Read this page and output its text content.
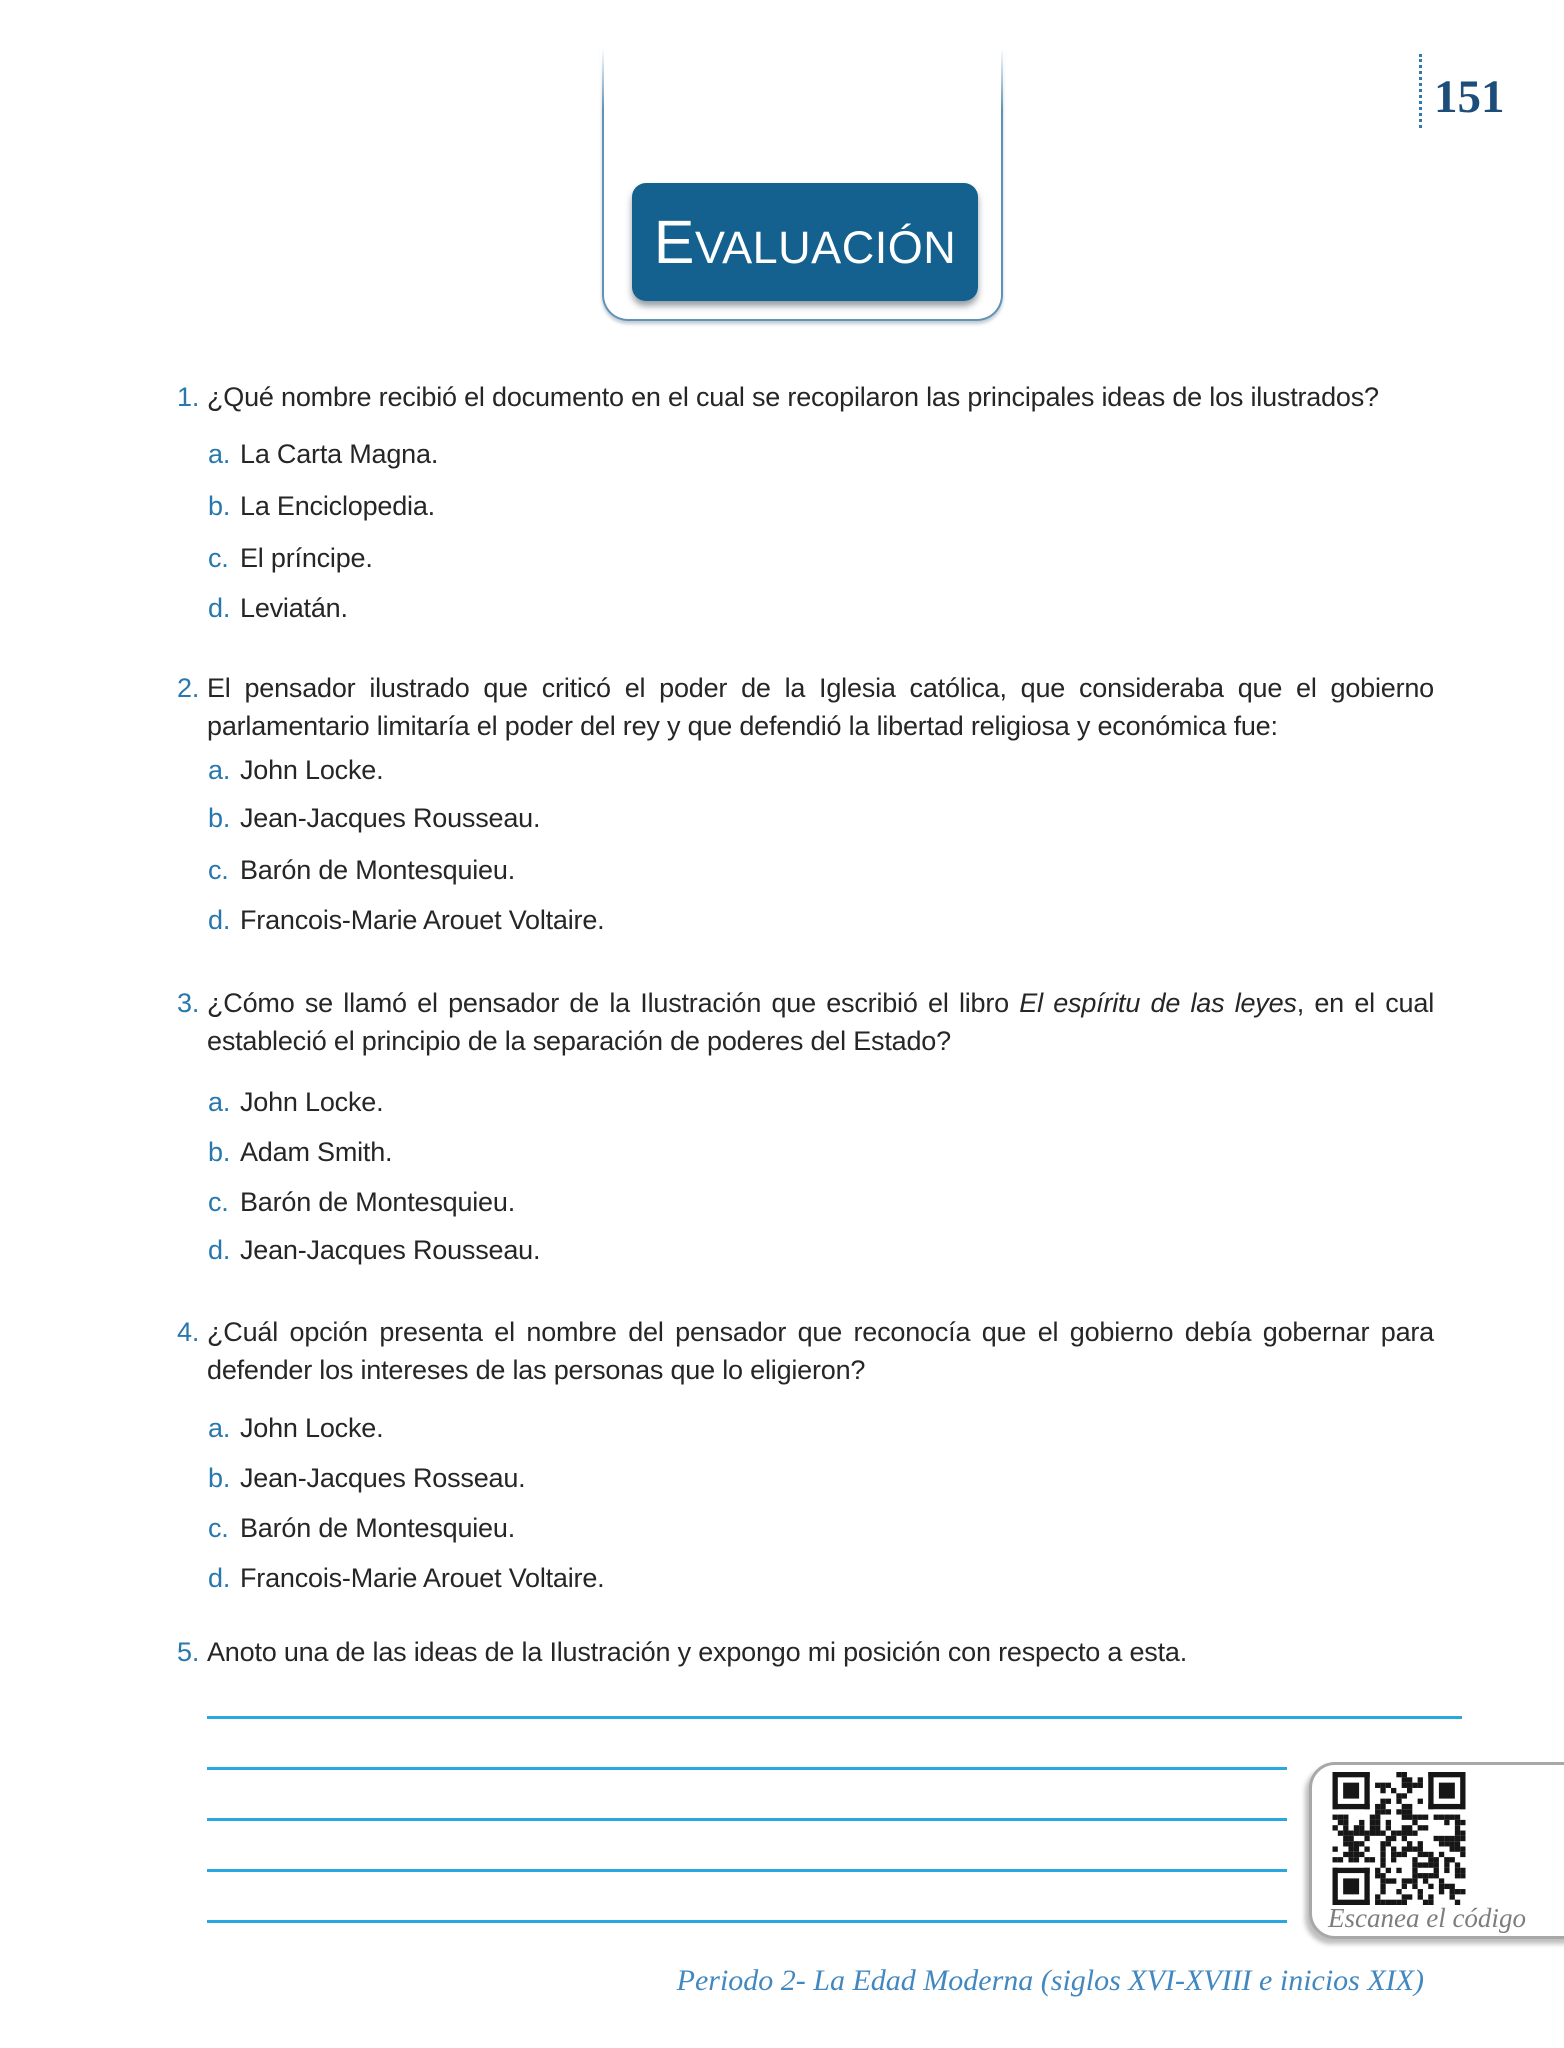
151
EVALUACIÓN
1. ¿Qué nombre recibió el documento en el cual se recopilaron las principales ideas de los ilustrados?
a. La Carta Magna.
b. La Enciclopedia.
c. El príncipe.
d. Leviatán.
2. El pensador ilustrado que criticó el poder de la Iglesia católica, que consideraba que el gobierno parlamentario limitaría el poder del rey y que defendió la libertad religiosa y económica fue:
a. John Locke.
b. Jean-Jacques Rousseau.
c. Barón de Montesquieu.
d. Francois-Marie Arouet Voltaire.
3. ¿Cómo se llamó el pensador de la Ilustración que escribió el libro El espíritu de las leyes, en el cual estableció el principio de la separación de poderes del Estado?
a. John Locke.
b. Adam Smith.
c. Barón de Montesquieu.
d. Jean-Jacques Rousseau.
4. ¿Cuál opción presenta el nombre del pensador que reconocía que el gobierno debía gobernar para defender los intereses de las personas que lo eligieron?
a. John Locke.
b. Jean-Jacques Rosseau.
c. Barón de Montesquieu.
d. Francois-Marie Arouet Voltaire.
5. Anoto una de las ideas de la Ilustración y expongo mi posición con respecto a esta.
Escanea el código
Periodo 2- La Edad Moderna (siglos XVI-XVIII e inicios XIX)
